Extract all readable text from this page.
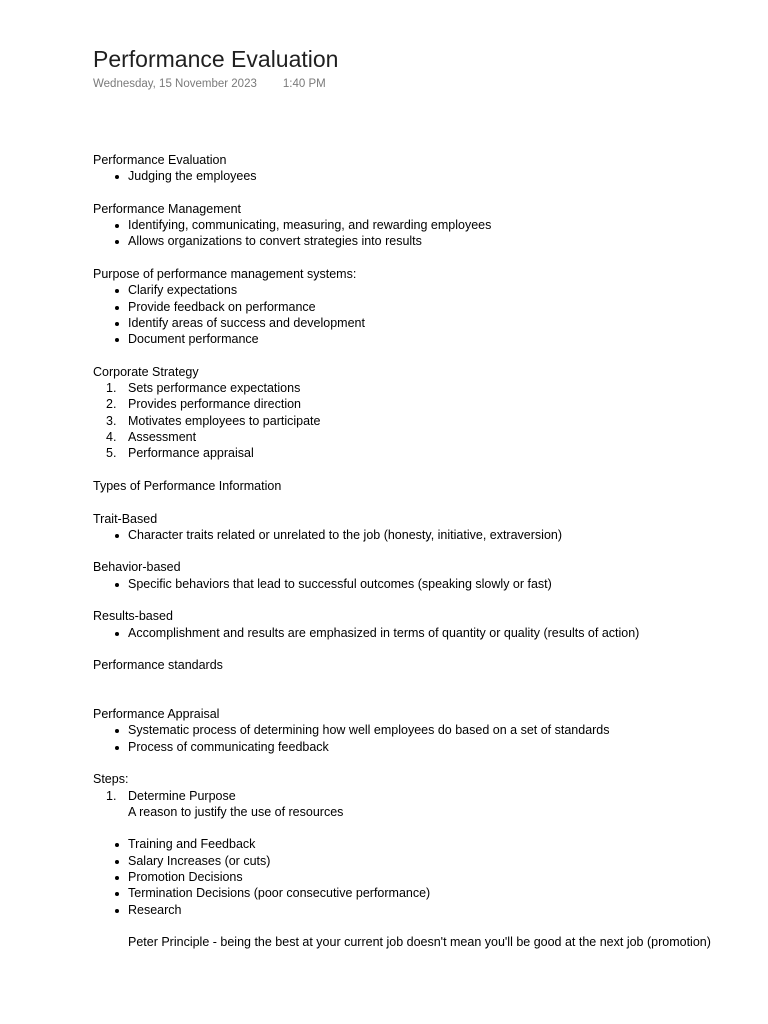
Performance Evaluation
Wednesday, 15 November 2023 1:40 PM
Performance Evaluation
Judging the employees
Performance Management
Identifying, communicating, measuring, and rewarding employees
Allows organizations to convert strategies into results
Purpose of performance management systems:
Clarify expectations
Provide feedback on performance
Identify areas of success and development
Document performance
Corporate Strategy
1. Sets performance expectations
2. Provides performance direction
3. Motivates employees to participate
4. Assessment
5. Performance appraisal
Types of Performance Information
Trait-Based
Character traits related or unrelated to the job (honesty, initiative, extraversion)
Behavior-based
Specific behaviors that lead to successful outcomes (speaking slowly or fast)
Results-based
Accomplishment and results are emphasized in terms of quantity or quality (results of action)
Performance standards
Performance Appraisal
Systematic process of determining how well employees do based on a set of standards
Process of communicating feedback
Steps:
1. Determine Purpose
A reason to justify the use of resources
Training and Feedback
Salary Increases (or cuts)
Promotion Decisions
Termination Decisions (poor consecutive performance)
Research
Peter Principle - being the best at your current job doesn't mean you'll be good at the next job (promotion)
